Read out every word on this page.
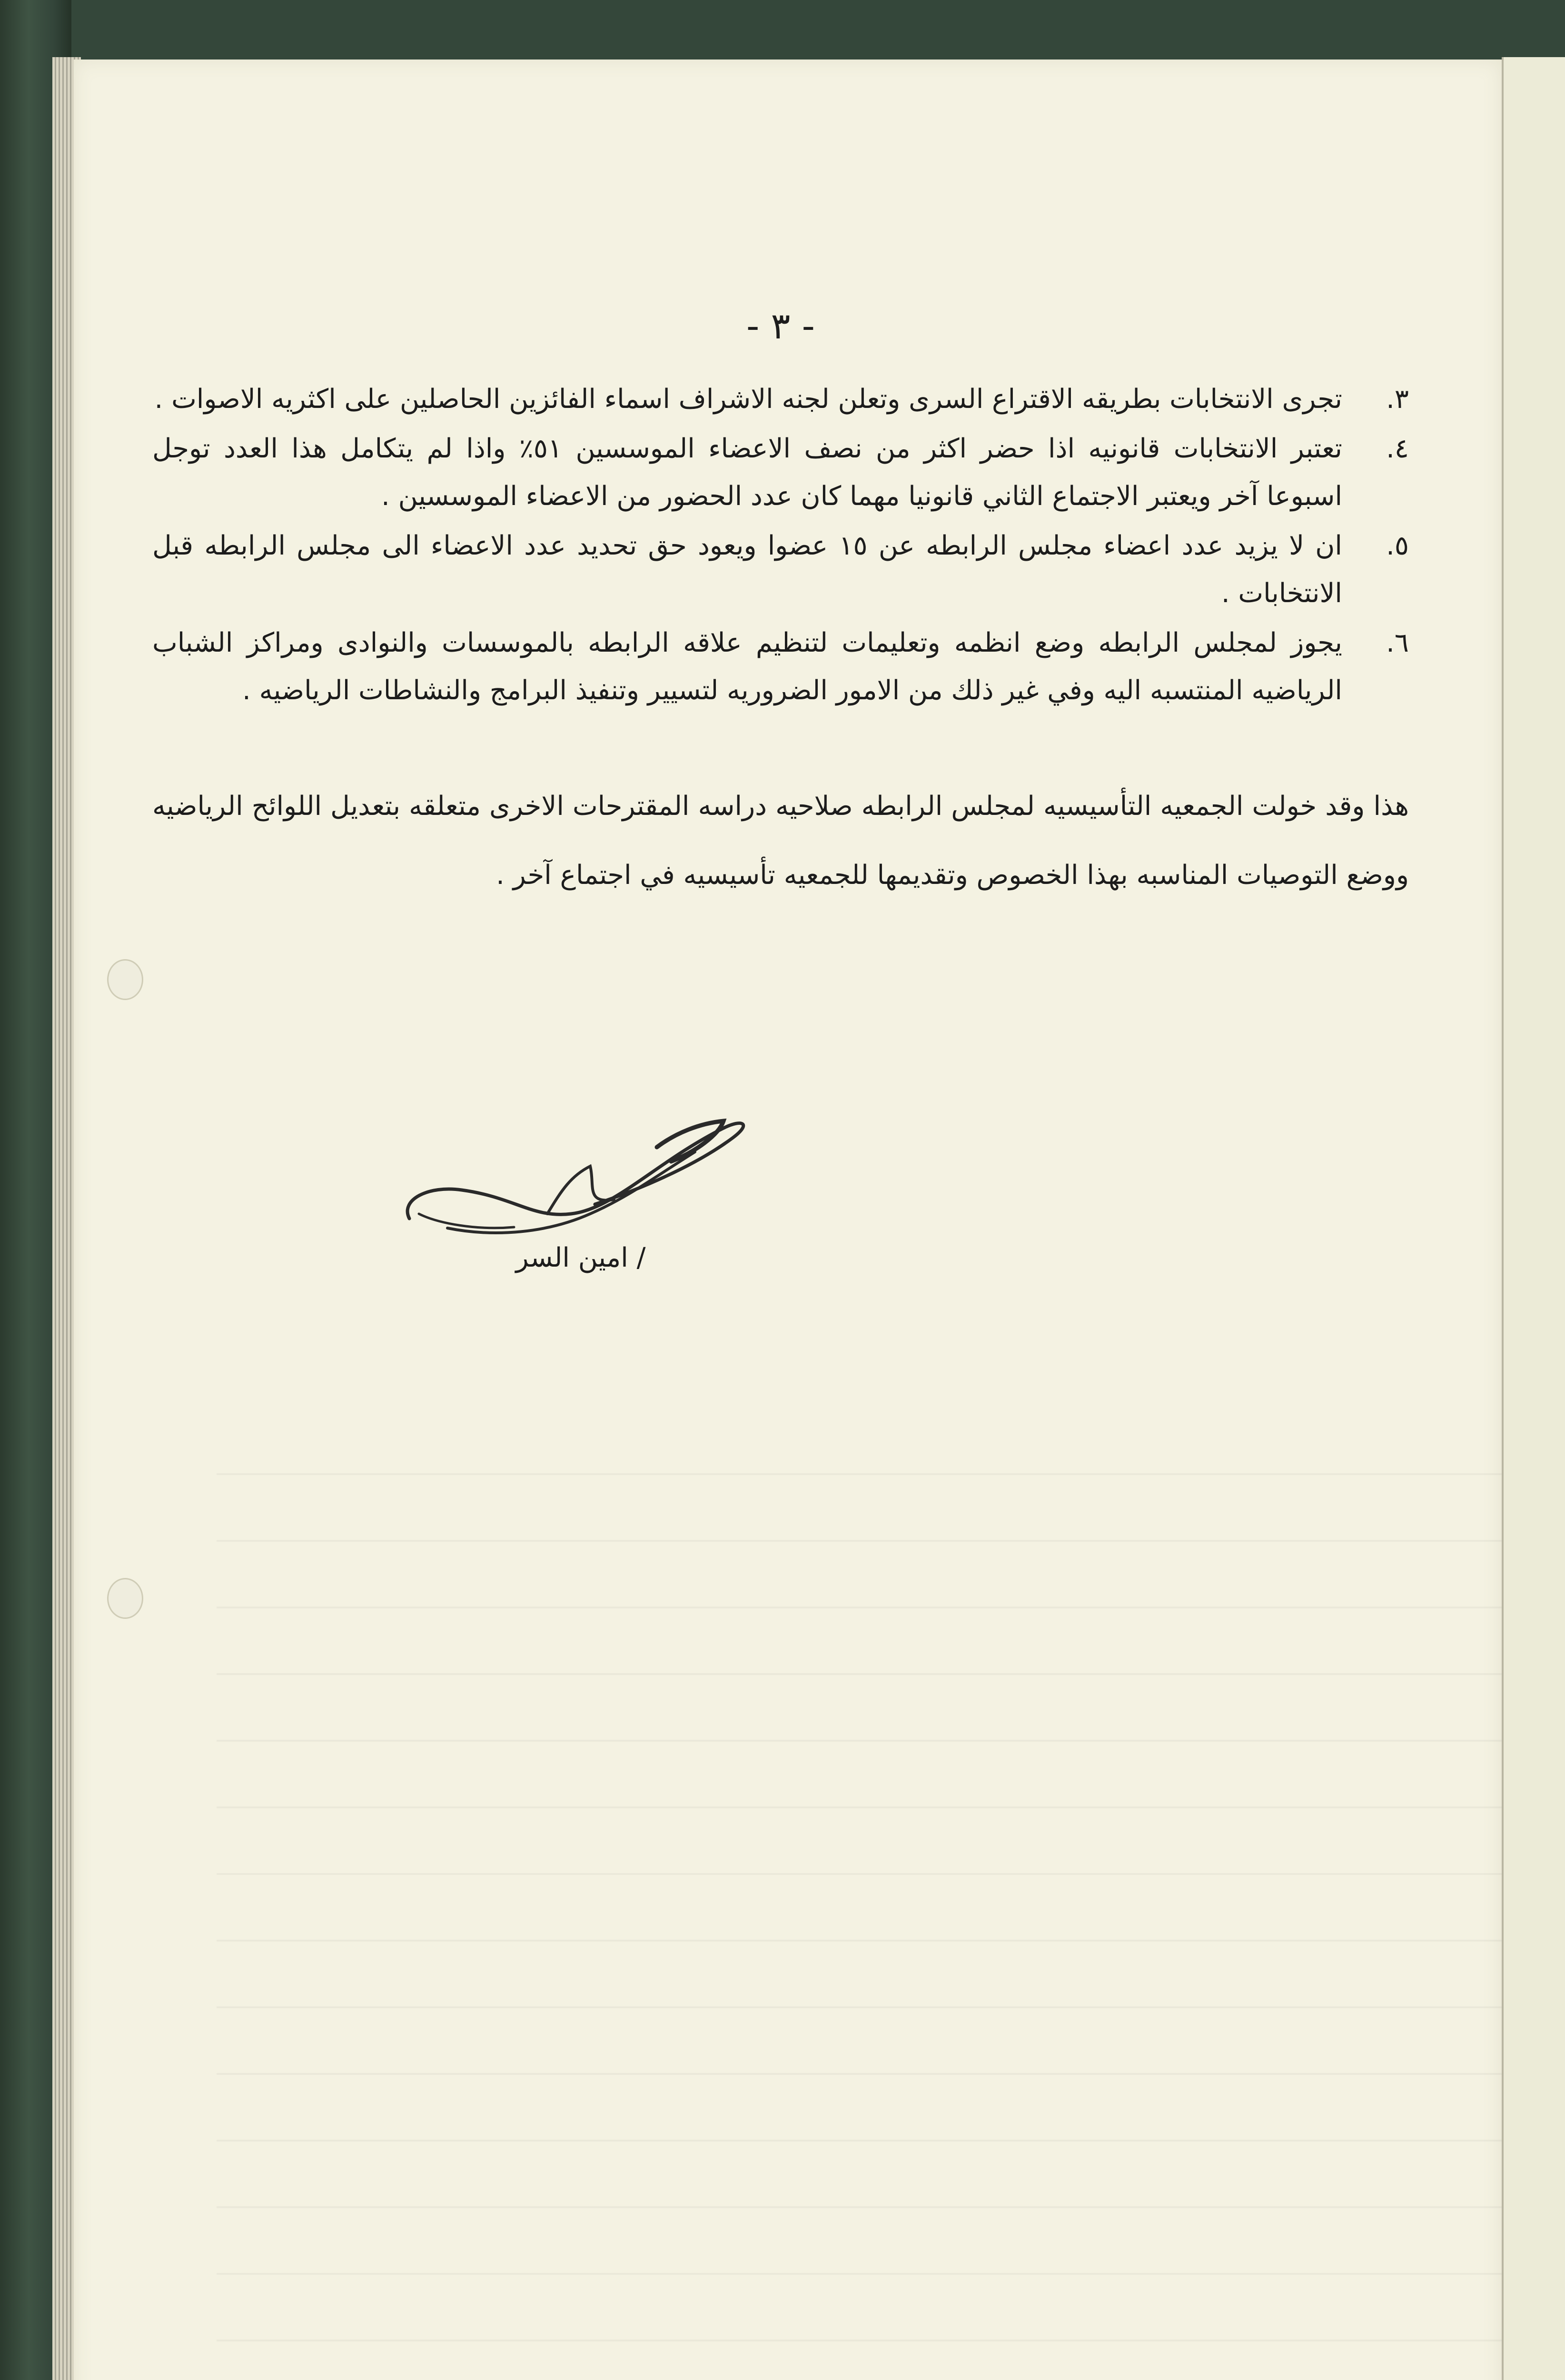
- ٣ -
٣.
تجرى الانتخابات بطريقه الاقتراع السرى وتعلن لجنه الاشراف اسماء الفائزين الحاصلين على اكثريه الاصوات .
٤.
تعتبر الانتخابات قانونيه اذا حضر اكثر من نصف الاعضاء الموسسين ٥١٪ واذا لم يتكامل هذا العدد توجل اسبوعا آخر ويعتبر الاجتماع الثاني قانونيا مهما كان عدد الحضور من الاعضاء الموسسين .
٥.
ان لا يزيد عدد اعضاء مجلس الرابطه عن ١٥ عضوا ويعود حق تحديد عدد الاعضاء الى مجلس الرابطه قبل الانتخابات .
٦.
يجوز لمجلس الرابطه وضع انظمه وتعليمات لتنظيم علاقه الرابطه بالموسسات والنوادى ومراكز الشباب الرياضيه المنتسبه اليه وفي غير ذلك من الامور الضروريه لتسيير وتنفيذ البرامج والنشاطات الرياضيه .
هذا وقد خولت الجمعيه التأسيسيه لمجلس الرابطه صلاحيه دراسه المقترحات الاخرى متعلقه بتعديل اللوائح الرياضيه ووضع التوصيات المناسبه بهذا الخصوص وتقديمها للجمعيه تأسيسيه في اجتماع آخر .
/ امين السر
